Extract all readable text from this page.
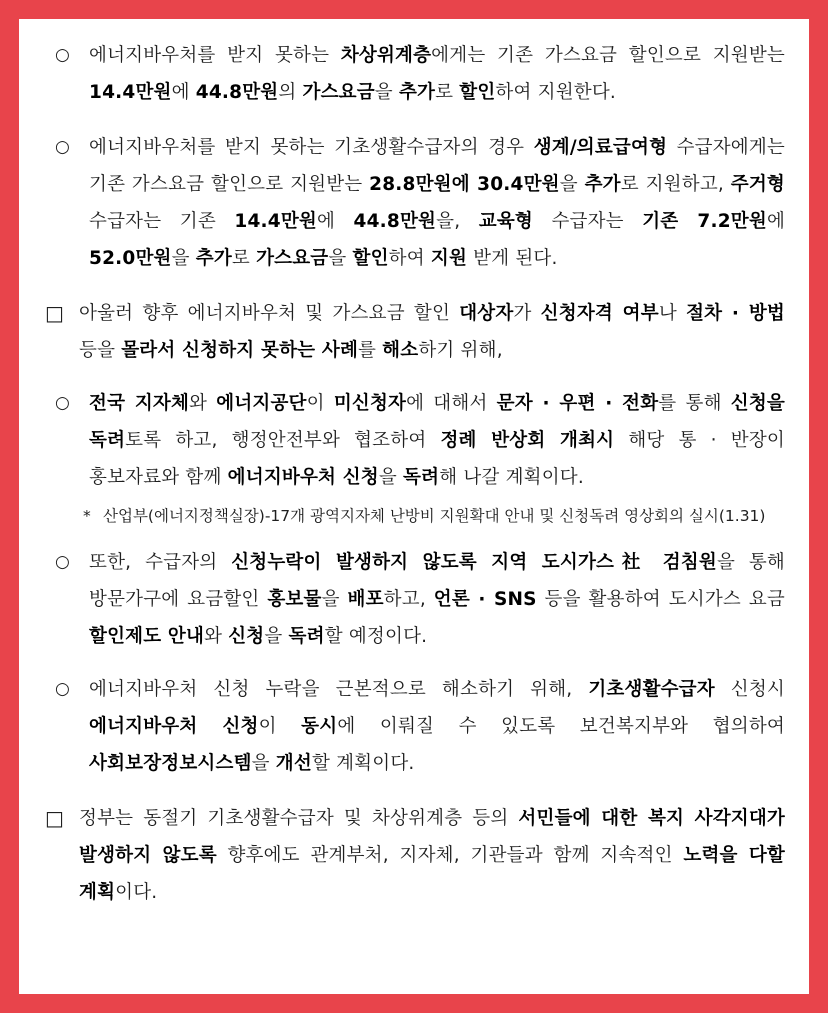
○ 에너지바우처를 받지 못하는 차상위계층에게는 기존 가스요금 할인으로 지원받는 14.4만원에 44.8만원의 가스요금을 추가로 할인하여 지원한다.
○ 에너지바우처를 받지 못하는 기초생활수급자의 경우 생계/의료급여형 수급자에게는 기존 가스요금 할인으로 지원받는 28.8만원에 30.4만원을 추가로 지원하고, 주거형 수급자는 기존 14.4만원에 44.8만원을, 교육형 수급자는 기존 7.2만원에 52.0만원을 추가로 가스요금을 할인하여 지원 받게 된다.
□ 아울러 향후 에너지바우처 및 가스요금 할인 대상자가 신청자격 여부나 절차 · 방법 등을 몰라서 신청하지 못하는 사례를 해소하기 위해,
○ 전국 지자체와 에너지공단이 미신청자에 대해서 문자 · 우편 · 전화를 통해 신청을 독려토록 하고, 행정안전부와 협조하여 정례 반상회 개최시 해당 통 · 반장이 홍보자료와 함께 에너지바우처 신청을 독려해 나갈 계획이다.
* 산업부(에너지정책실장)-17개 광역지자체 난방비 지원확대 안내 및 신청독려 영상회의 실시(1.31)
○ 또한, 수급자의 신청누락이 발생하지 않도록 지역 도시가스社 검침원을 통해 방문가구에 요금할인 홍보물을 배포하고, 언론 · SNS 등을 활용하여 도시가스 요금 할인제도 안내와 신청을 독려할 예정이다.
○ 에너지바우처 신청 누락을 근본적으로 해소하기 위해, 기초생활수급자 신청시 에너지바우처 신청이 동시에 이뤄질 수 있도록 보건복지부와 협의하여 사회보장정보시스템을 개선할 계획이다.
□ 정부는 동절기 기초생활수급자 및 차상위계층 등의 서민들에 대한 복지 사각지대가 발생하지 않도록 향후에도 관계부처, 지자체, 기관들과 함께 지속적인 노력을 다할 계획이다.
